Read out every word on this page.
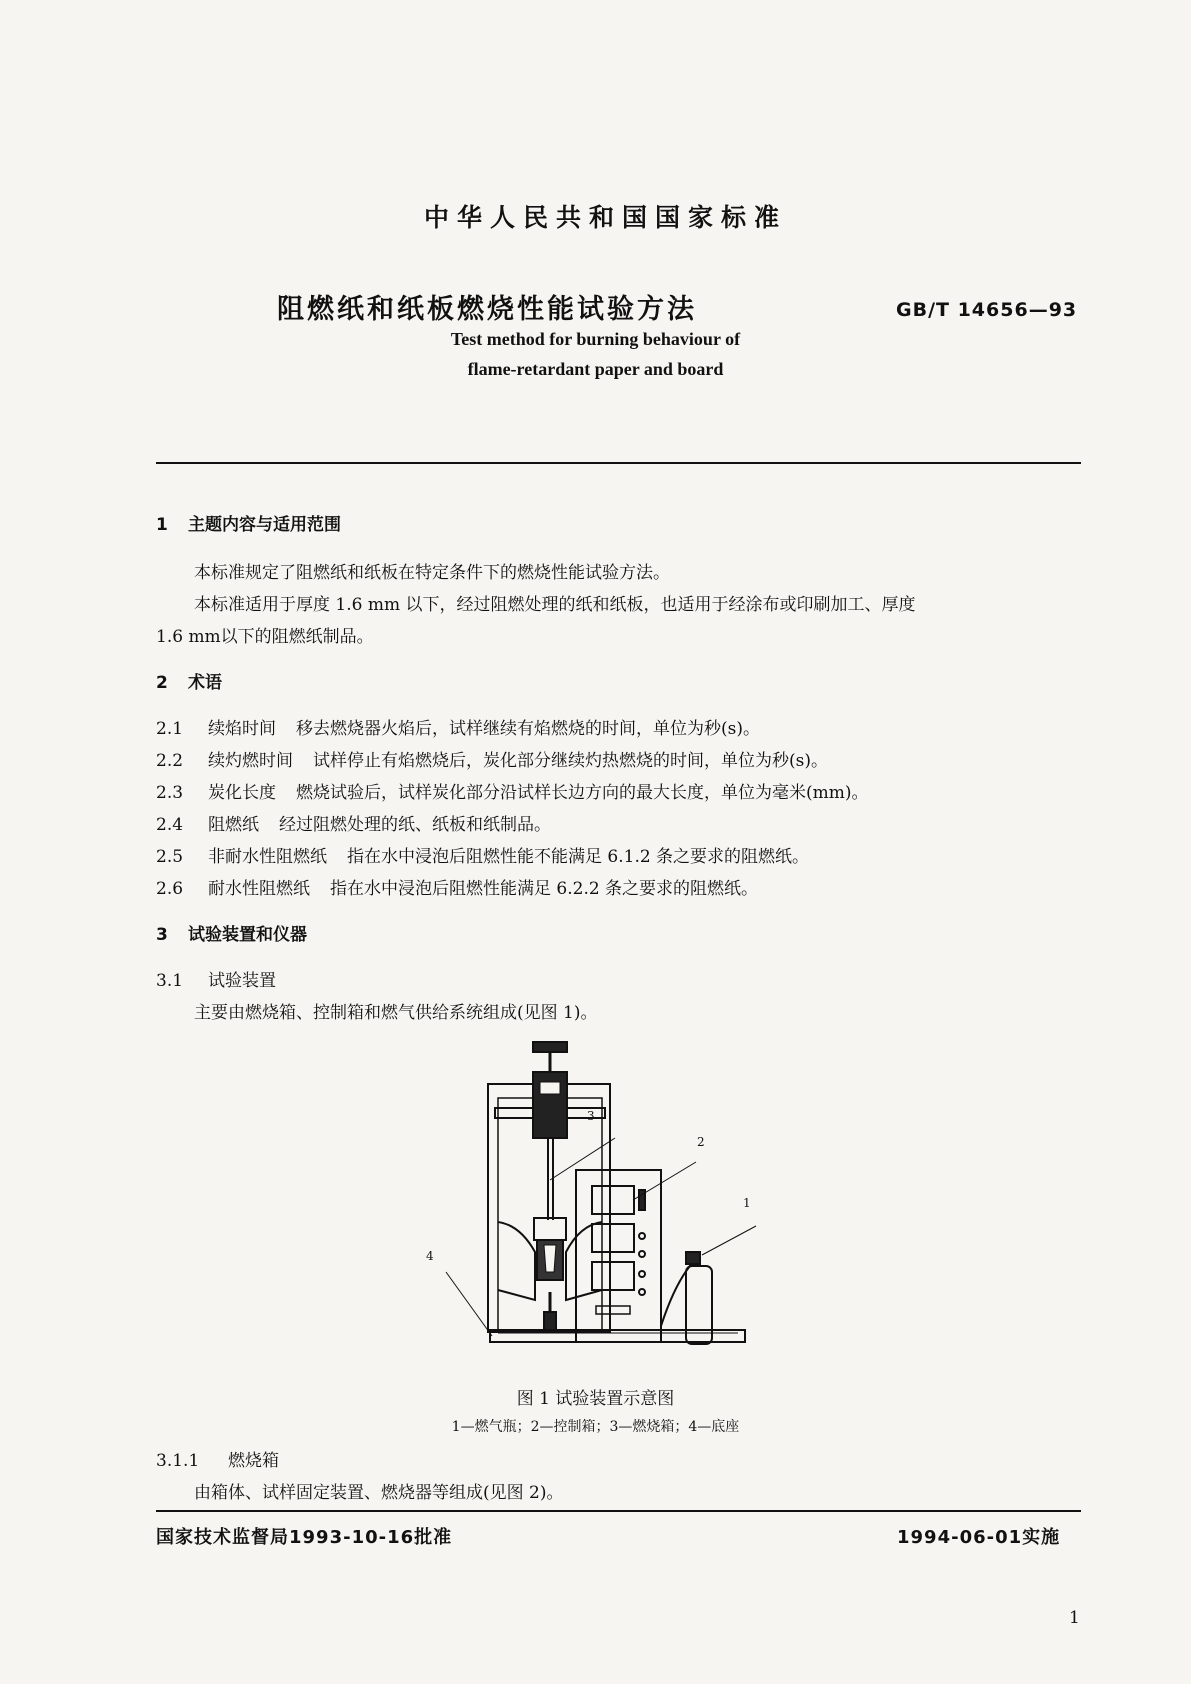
中华人民共和国国家标准
阻燃纸和纸板燃烧性能试验方法	GB/T 14656—93
Test method for burning behaviour of
flame-retardant paper and board
1 主题内容与适用范围
本标准规定了阻燃纸和纸板在特定条件下的燃烧性能试验方法。
本标准适用于厚度 1.6 mm 以下，经过阻燃处理的纸和纸板，也适用于经涂布或印刷加工、厚度
1.6 mm以下的阻燃纸制品。
2 术语
2.1 续焰时间 移去燃烧器火焰后，试样继续有焰燃烧的时间，单位为秒(s)。
2.2 续灼燃时间 试样停止有焰燃烧后，炭化部分继续灼热燃烧的时间，单位为秒(s)。
2.3 炭化长度 燃烧试验后，试样炭化部分沿试样长边方向的最大长度，单位为毫米(mm)。
2.4 阻燃纸 经过阻燃处理的纸、纸板和纸制品。
2.5 非耐水性阻燃纸 指在水中浸泡后阻燃性能不能满足 6.1.2 条之要求的阻燃纸。
2.6 耐水性阻燃纸 指在水中浸泡后阻燃性能满足 6.2.2 条之要求的阻燃纸。
3 试验装置和仪器
3.1 试验装置
主要由燃烧箱、控制箱和燃气供给系统组成(见图 1)。
3
2
1
4
图 1 试验装置示意图
1—燃气瓶；2—控制箱；3—燃烧箱；4—底座
3.1.1 燃烧箱
由箱体、试样固定装置、燃烧器等组成(见图 2)。
国家技术监督局1993-10-16批准	1994-06-01实施
1
